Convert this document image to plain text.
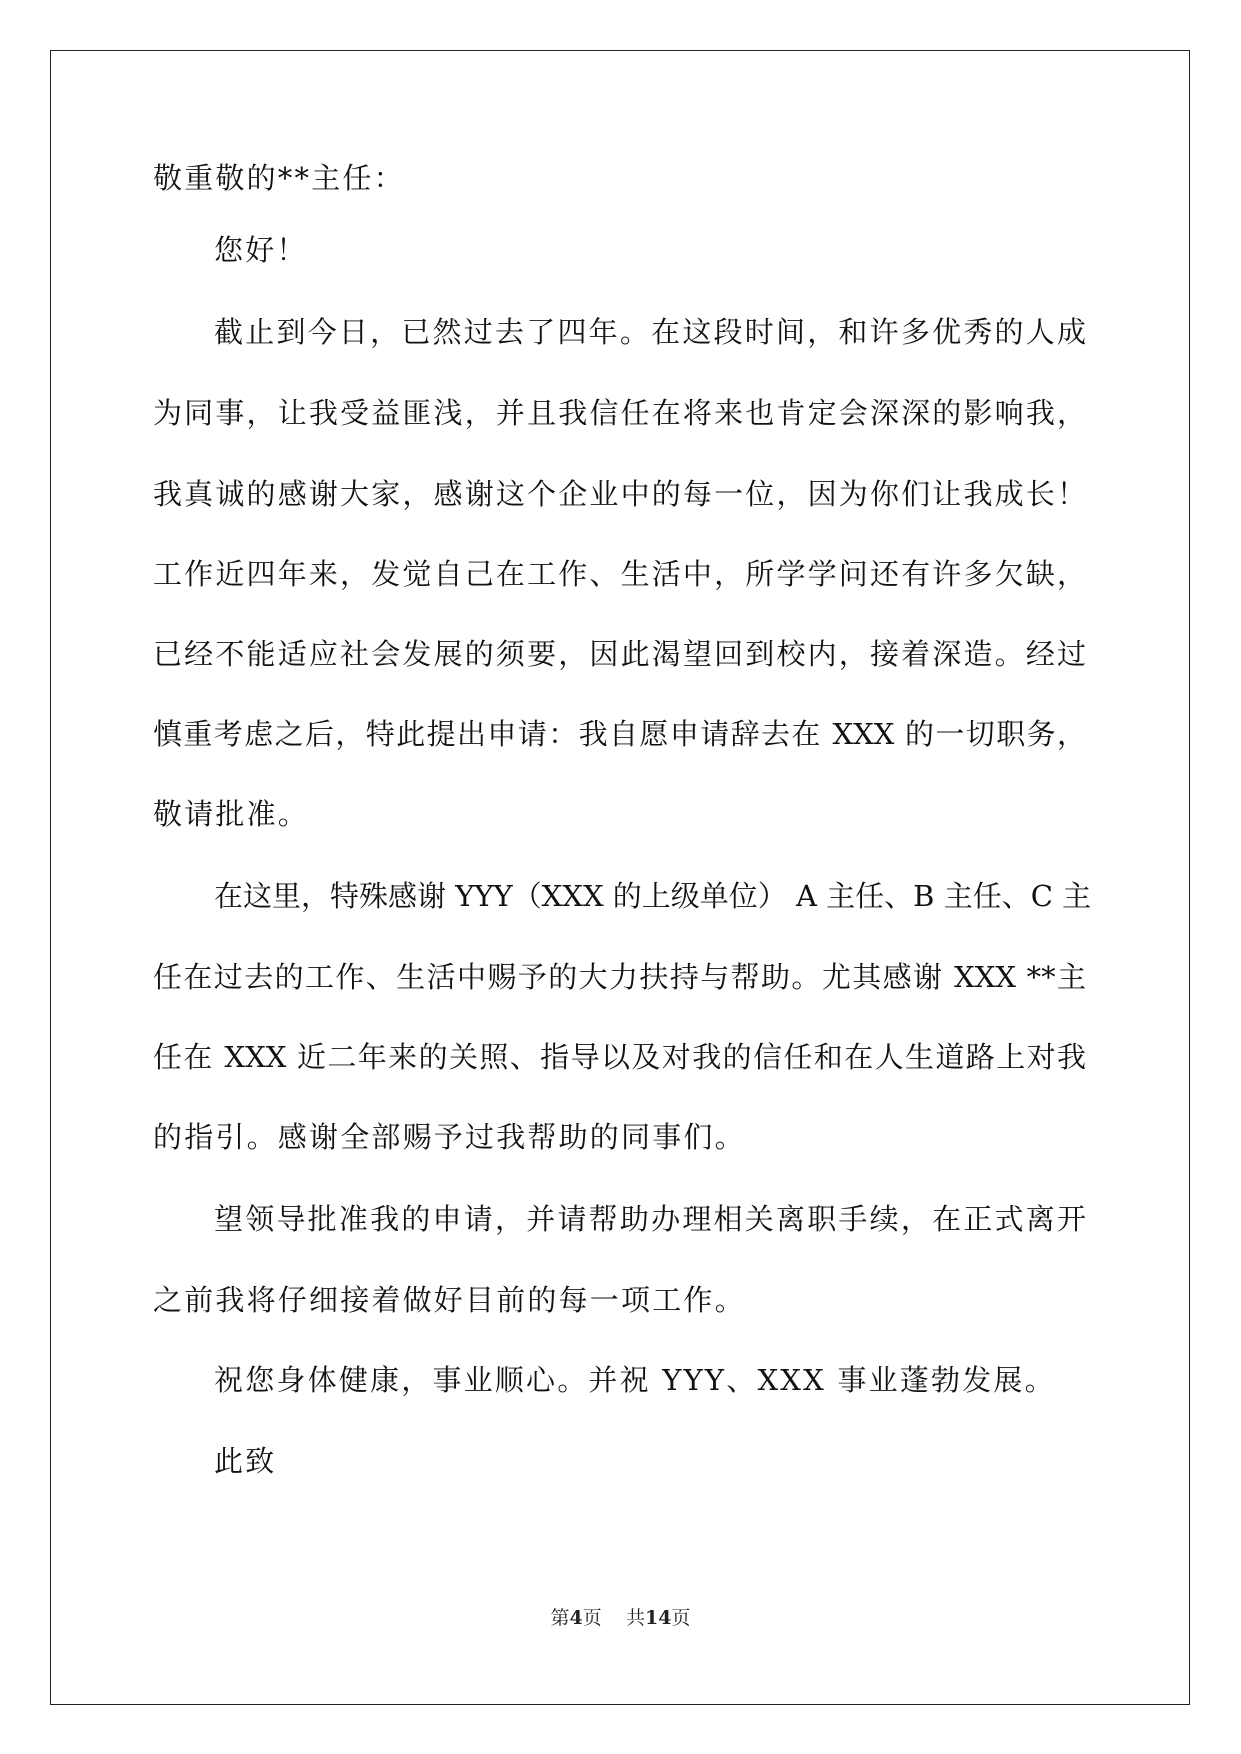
敬重敬的**主任：
您好！
截止到今日，已然过去了四年。在这段时间，和许多优秀的人成
为同事，让我受益匪浅，并且我信任在将来也肯定会深深的影响我，
我真诚的感谢大家，感谢这个企业中的每一位，因为你们让我成长！
工作近四年来，发觉自己在工作、生活中，所学学问还有许多欠缺，
已经不能适应社会发展的须要，因此渴望回到校内，接着深造。经过
慎重考虑之后，特此提出申请：我自愿申请辞去在 XXX 的一切职务，
敬请批准。
在这里，特殊感谢 YYY（XXX 的上级单位） A 主任、B 主任、C 主
任在过去的工作、生活中赐予的大力扶持与帮助。尤其感谢 XXX **主
任在 XXX 近二年来的关照、指导以及对我的信任和在人生道路上对我
的指引。感谢全部赐予过我帮助的同事们。
望领导批准我的申请，并请帮助办理相关离职手续，在正式离开
之前我将仔细接着做好目前的每一项工作。
祝您身体健康，事业顺心。并祝 YYY、XXX 事业蓬勃发展。
此致
第4页 共14页
